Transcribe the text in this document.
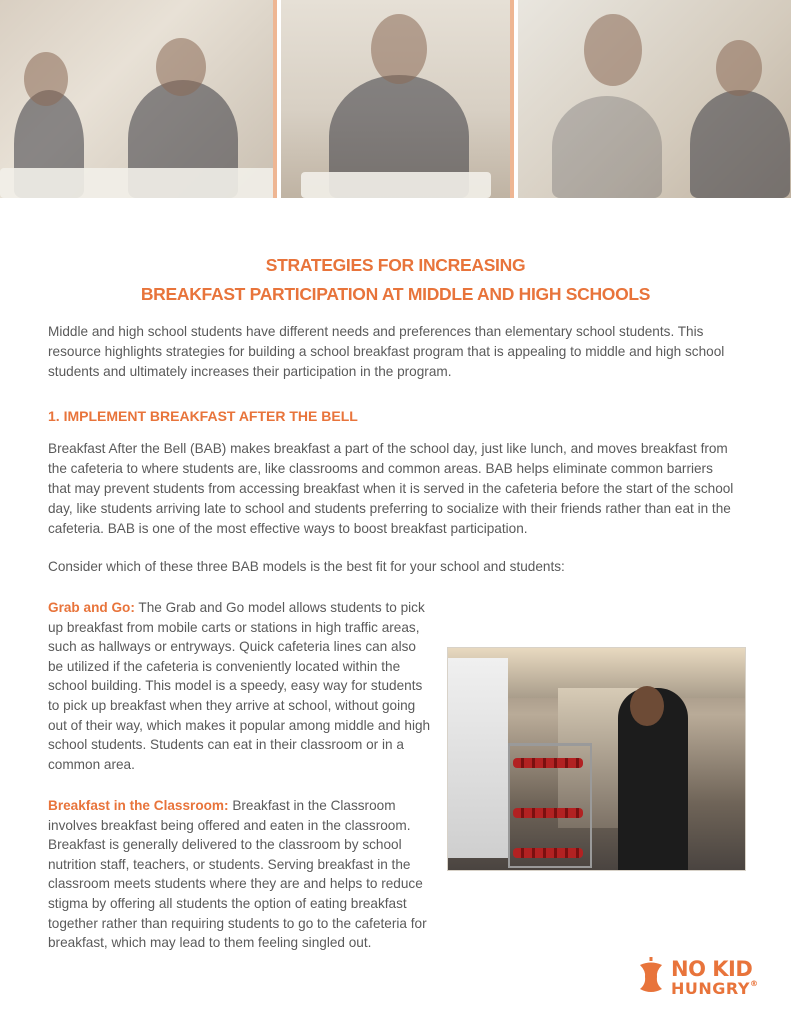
STRATEGIES FOR INCREASING
BREAKFAST PARTICIPATION AT MIDDLE AND HIGH SCHOOLS

Middle and high school students have different needs and preferences than elementary school students. This resource highlights strategies for building a school breakfast program that is appealing to middle and high school students and ultimately increases their participation in the program.

1. IMPLEMENT BREAKFAST AFTER THE BELL

Breakfast After the Bell (BAB) makes breakfast a part of the school day, just like lunch, and moves breakfast from the cafeteria to where students are, like classrooms and common areas. BAB helps eliminate common barriers that may prevent students from accessing breakfast when it is served in the cafeteria before the start of the school day, like students arriving late to school and students preferring to socialize with their friends rather than eat in the cafeteria. BAB is one of the most effective ways to boost breakfast participation.

Consider which of these three BAB models is the best fit for your school and students:

Grab and Go: The Grab and Go model allows students to pick up breakfast from mobile carts or stations in high traffic areas, such as hallways or entryways. Quick cafeteria lines can also be utilized if the cafeteria is conveniently located within the school building. This model is a speedy, easy way for students to pick up breakfast when they arrive at school, without going out of their way, which makes it popular among middle and high school students. Students can eat in their classroom or in a common area.

Breakfast in the Classroom: Breakfast in the Classroom involves breakfast being offered and eaten in the classroom. Breakfast is generally delivered to the classroom by school nutrition staff, teachers, or students. Serving breakfast in the classroom meets students where they are and helps to reduce stigma by offering all students the option of eating breakfast together rather than requiring students to go to the cafeteria for breakfast, which may lead to them feeling singled out.

NO KID
HUNGRY®
